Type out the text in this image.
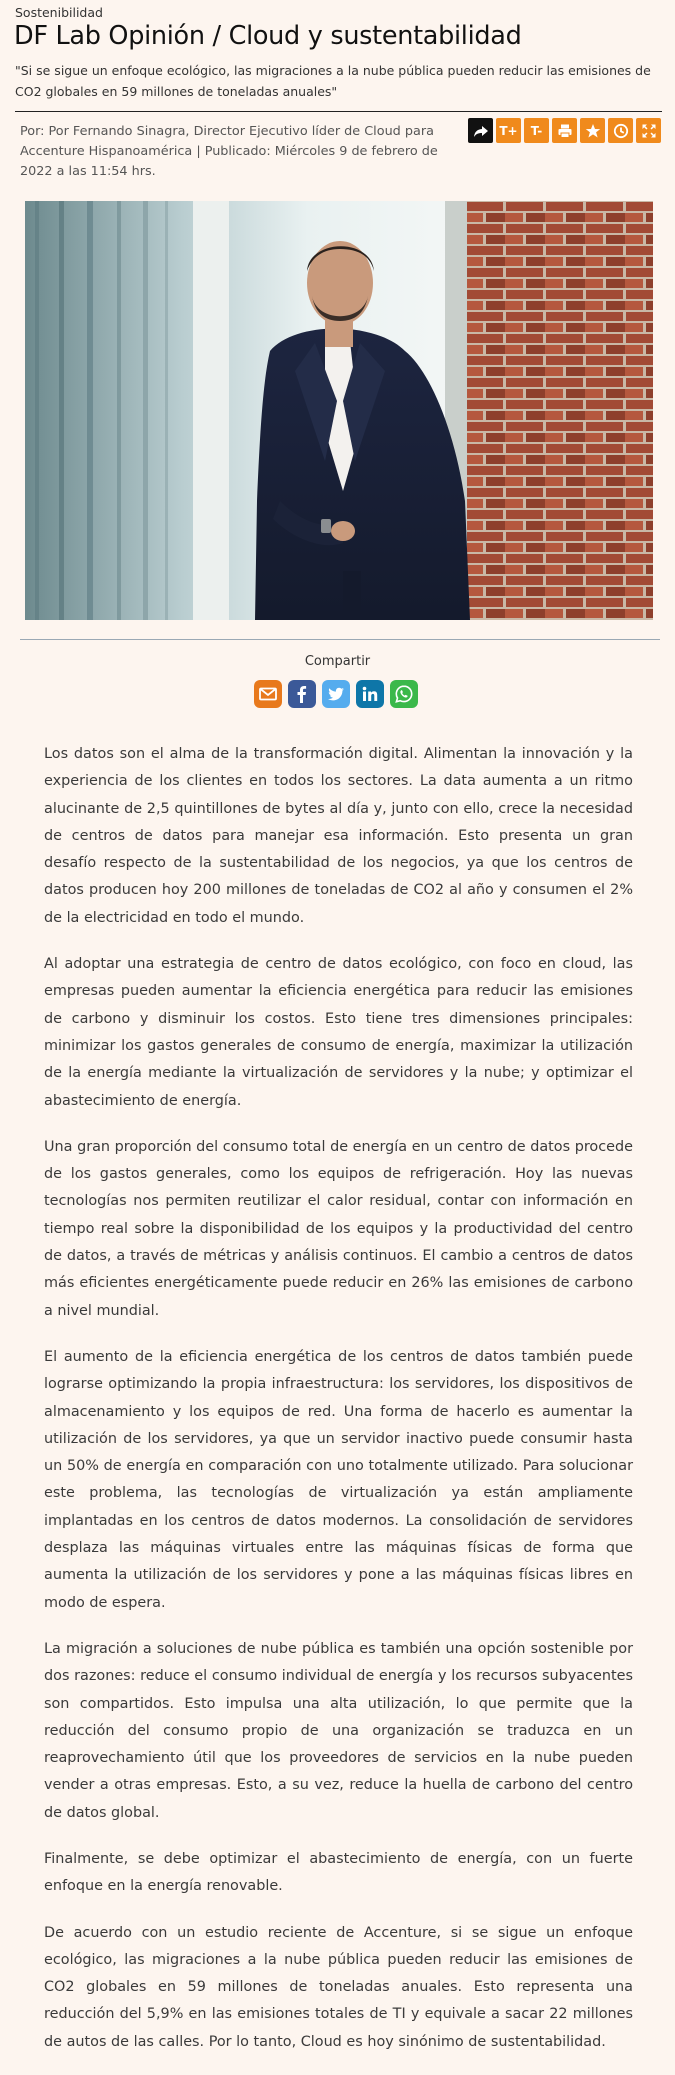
Sostenibilidad
DF Lab Opinión / Cloud y sustentabilidad
"Si se sigue un enfoque ecológico, las migraciones a la nube pública pueden reducir las emisiones de CO2 globales en 59 millones de toneladas anuales"
Por: Por Fernando Sinagra, Director Ejecutivo líder de Cloud para Accenture Hispanoamérica | Publicado: Miércoles 9 de febrero de 2022 a las 11:54 hrs.
T+	T-
Compartir

Los datos son el alma de la transformación digital. Alimentan la innovación y la experiencia de los clientes en todos los sectores. La data aumenta a un ritmo alucinante de 2,5 quintillones de bytes al día y, junto con ello, crece la necesidad de centros de datos para manejar esa información. Esto presenta un gran desafío respecto de la sustentabilidad de los negocios, ya que los centros de datos producen hoy 200 millones de toneladas de CO2 al año y consumen el 2% de la electricidad en todo el mundo.

Al adoptar una estrategia de centro de datos ecológico, con foco en cloud, las empresas pueden aumentar la eficiencia energética para reducir las emisiones de carbono y disminuir los costos. Esto tiene tres dimensiones principales: minimizar los gastos generales de consumo de energía, maximizar la utilización de la energía mediante la virtualización de servidores y la nube; y optimizar el abastecimiento de energía.

Una gran proporción del consumo total de energía en un centro de datos procede de los gastos generales, como los equipos de refrigeración. Hoy las nuevas tecnologías nos permiten reutilizar el calor residual, contar con información en tiempo real sobre la disponibilidad de los equipos y la productividad del centro de datos, a través de métricas y análisis continuos. El cambio a centros de datos más eficientes energéticamente puede reducir en 26% las emisiones de carbono a nivel mundial.

El aumento de la eficiencia energética de los centros de datos también puede lograrse optimizando la propia infraestructura: los servidores, los dispositivos de almacenamiento y los equipos de red. Una forma de hacerlo es aumentar la utilización de los servidores, ya que un servidor inactivo puede consumir hasta un 50% de energía en comparación con uno totalmente utilizado. Para solucionar este problema, las tecnologías de virtualización ya están ampliamente implantadas en los centros de datos modernos. La consolidación de servidores desplaza las máquinas virtuales entre las máquinas físicas de forma que aumenta la utilización de los servidores y pone a las máquinas físicas libres en modo de espera.

La migración a soluciones de nube pública es también una opción sostenible por dos razones: reduce el consumo individual de energía y los recursos subyacentes son compartidos. Esto impulsa una alta utilización, lo que permite que la reducción del consumo propio de una organización se traduzca en un reaprovechamiento útil que los proveedores de servicios en la nube pueden vender a otras empresas. Esto, a su vez, reduce la huella de carbono del centro de datos global.

Finalmente, se debe optimizar el abastecimiento de energía, con un fuerte enfoque en la energía renovable.

De acuerdo con un estudio reciente de Accenture, si se sigue un enfoque ecológico, las migraciones a la nube pública pueden reducir las emisiones de CO2 globales en 59 millones de toneladas anuales. Esto representa una reducción del 5,9% en las emisiones totales de TI y equivale a sacar 22 millones de autos de las calles. Por lo tanto, Cloud es hoy sinónimo de sustentabilidad.
